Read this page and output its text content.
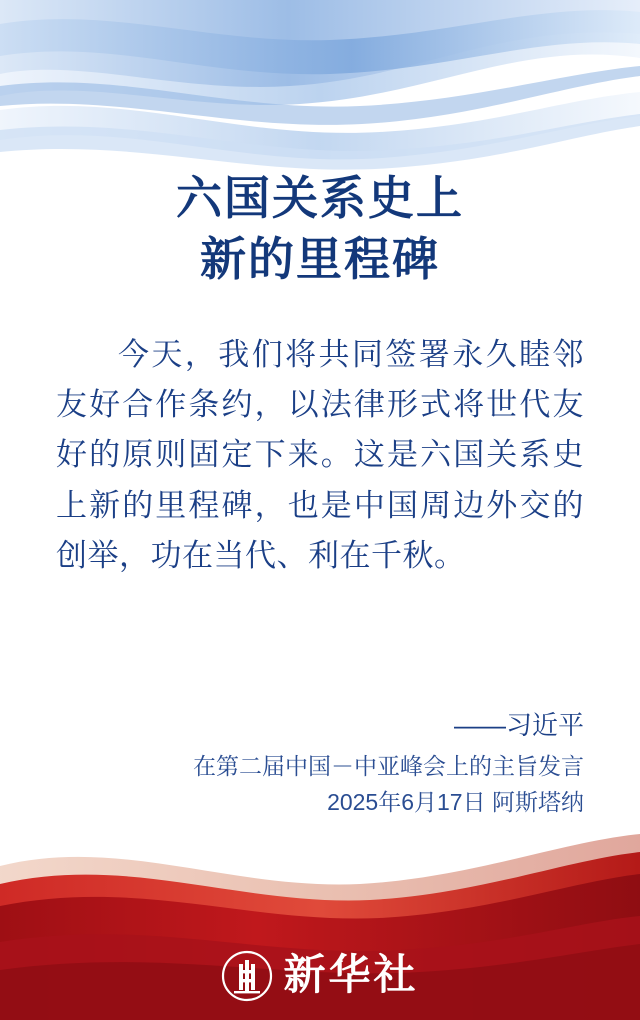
六国关系史上
新的里程碑
今天，我们将共同签署永久睦邻友好合作条约，以法律形式将世代友好的原则固定下来。这是六国关系史上新的里程碑，也是中国周边外交的创举，功在当代、利在千秋。
——习近平
在第二届中国－中亚峰会上的主旨发言
2025年6月17日 阿斯塔纳
新华社
